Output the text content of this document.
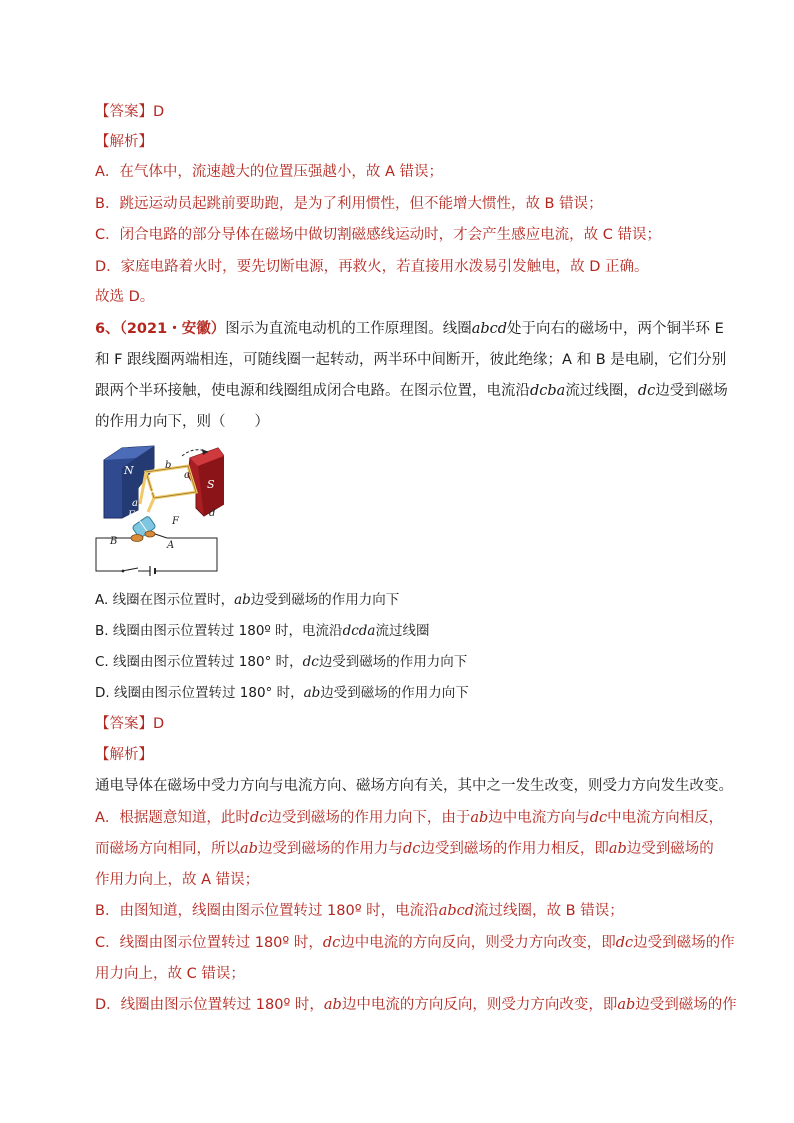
【答案】D
【解析】
A．在气体中，流速越大的位置压强越小，故 A 错误；
B．跳远运动员起跳前要助跑，是为了利用惯性，但不能增大惯性，故 B 错误；
C．闭合电路的部分导体在磁场中做切割磁感线运动时，才会产生感应电流，故 C 错误；
D．家庭电路着火时，要先切断电源，再救火，若直接用水泼易引发触电，故 D 正确。
故选 D。
6、（2021・安徽）图示为直流电动机的工作原理图。线圈abcd处于向右的磁场中，两个铜半环 E
和 F 跟线圈两端相连，可随线圈一起转动，两半环中间断开，彼此绝缘；A 和 B 是电刷，它们分别
跟两个半环接触，使电源和线圈组成闭合电路。在图示位置，电流沿dcba流过线圈，dc边受到磁场
的作用力向下，则（　　）
N
S
b
c
a
d
E
F
B	A
A. 线圈在图示位置时，ab边受到磁场的作用力向下
B. 线圈由图示位置转过 180º 时，电流沿dcda流过线圈
C. 线圈由图示位置转过 180° 时，dc边受到磁场的作用力向下
D. 线圈由图示位置转过 180° 时，ab边受到磁场的作用力向下
【答案】D
【解析】
通电导体在磁场中受力方向与电流方向、磁场方向有关，其中之一发生改变，则受力方向发生改变。
A．根据题意知道，此时dc边受到磁场的作用力向下，由于ab边中电流方向与dc中电流方向相反，
而磁场方向相同，所以ab边受到磁场的作用力与dc边受到磁场的作用力相反，即ab边受到磁场的
作用力向上，故 A 错误；
B．由图知道，线圈由图示位置转过 180º 时，电流沿abcd流过线圈，故 B 错误；
C．线圈由图示位置转过 180º 时，dc边中电流的方向反向，则受力方向改变，即dc边受到磁场的作
用力向上，故 C 错误；
D．线圈由图示位置转过 180º 时，ab边中电流的方向反向，则受力方向改变，即ab边受到磁场的作
